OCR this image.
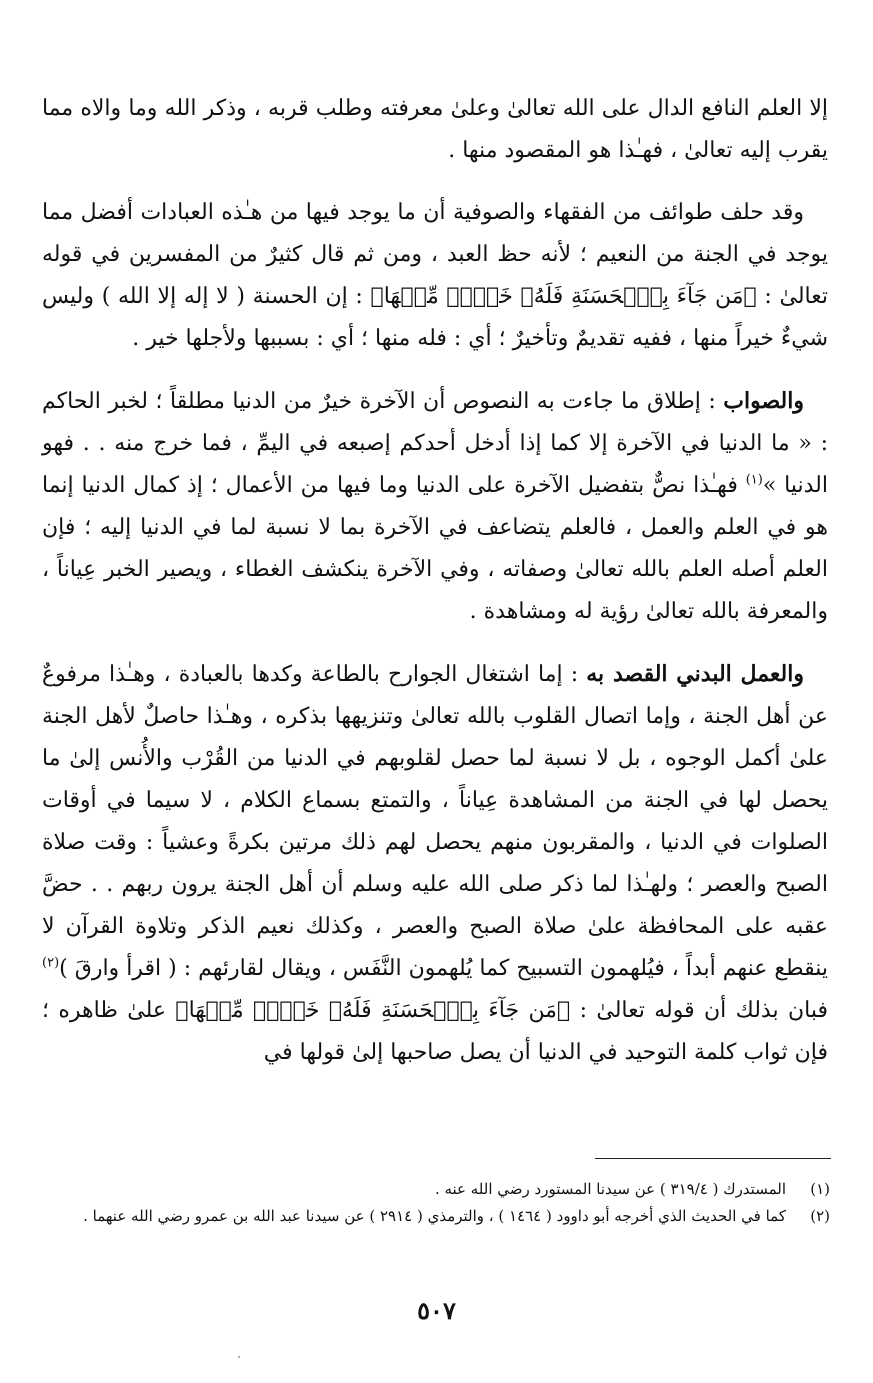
إلا العلم النافع الدال على الله تعالىٰ وعلىٰ معرفته وطلب قربه ، وذكر الله وما والاه مما يقرب إليه تعالىٰ ، فهـٰذا هو المقصود منها .

وقد حلف طوائف من الفقهاء والصوفية أن ما يوجد فيها من هـٰذه العبادات أفضل مما يوجد في الجنة من النعيم ؛ لأنه حظ العبد ، ومن ثم قال كثيرٌ من المفسرين في قوله تعالىٰ : ﴿مَن جَآءَ بِٱلۡحَسَنَةِ فَلَهُۥ خَيۡرٞ مِّنۡهَا﴾ : إن الحسنة ( لا إله إلا الله ) وليس شيءٌ خيراً منها ، ففيه تقديمٌ وتأخيرٌ ؛ أي : فله منها ؛ أي : بسببها ولأجلها خير .

والصواب : إطلاق ما جاءت به النصوص أن الآخرة خيرٌ من الدنيا مطلقاً ؛ لخبر الحاكم : « ما الدنيا في الآخرة إلا كما إذا أدخل أحدكم إصبعه في اليمِّ ، فما خرج منه . . فهو الدنيا »$^{(١)}$ فهـٰذا نصٌّ بتفضيل الآخرة على الدنيا وما فيها من الأعمال ؛ إذ كمال الدنيا إنما هو في العلم والعمل ، فالعلم يتضاعف في الآخرة بما لا نسبة لما في الدنيا إليه ؛ فإن العلم أصله العلم بالله تعالىٰ وصفاته ، وفي الآخرة ينكشف الغطاء ، ويصير الخبر عِياناً ، والمعرفة بالله تعالىٰ رؤية له ومشاهدة .

والعمل البدني القصد به : إما اشتغال الجوارح بالطاعة وكدها بالعبادة ، وهـٰذا مرفوعٌ عن أهل الجنة ، وإما اتصال القلوب بالله تعالىٰ وتنزيهها بذكره ، وهـٰذا حاصلٌ لأهل الجنة علىٰ أكمل الوجوه ، بل لا نسبة لما حصل لقلوبهم في الدنيا من القُرْب والأُنس إلىٰ ما يحصل لها في الجنة من المشاهدة عِياناً ، والتمتع بسماع الكلام ، لا سيما في أوقات الصلوات في الدنيا ، والمقربون منهم يحصل لهم ذلك مرتين بكرةً وعشياً : وقت صلاة الصبح والعصر ؛ ولهـٰذا لما ذكر صلى الله عليه وسلم أن أهل الجنة يرون ربهم . . حضَّ عقبه على المحافظة علىٰ صلاة الصبح والعصر ، وكذلك نعيم الذكر وتلاوة القرآن لا ينقطع عنهم أبداً ، فيُلهمون التسبيح كما يُلهمون النَّفَس ، ويقال لقارئهم : ( اقرأ وارقَ )$^{(٢)}$ فبان بذلك أن قوله تعالىٰ : ﴿مَن جَآءَ بِٱلۡحَسَنَةِ فَلَهُۥ خَيۡرٞ مِّنۡهَا﴾ علىٰ ظاهره ؛ فإن ثواب كلمة التوحيد في الدنيا أن يصل صاحبها إلىٰ قولها في

(١)
المستدرك ( ٣١٩/٤ ) عن سيدنا المستورد رضي الله عنه .
(٢)
كما في الحديث الذي أخرجه أبو داوود ( ١٤٦٤ ) ، والترمذي ( ٢٩١٤ ) عن سيدنا عبد الله بن عمرو رضي الله عنهما .
٥٠٧
